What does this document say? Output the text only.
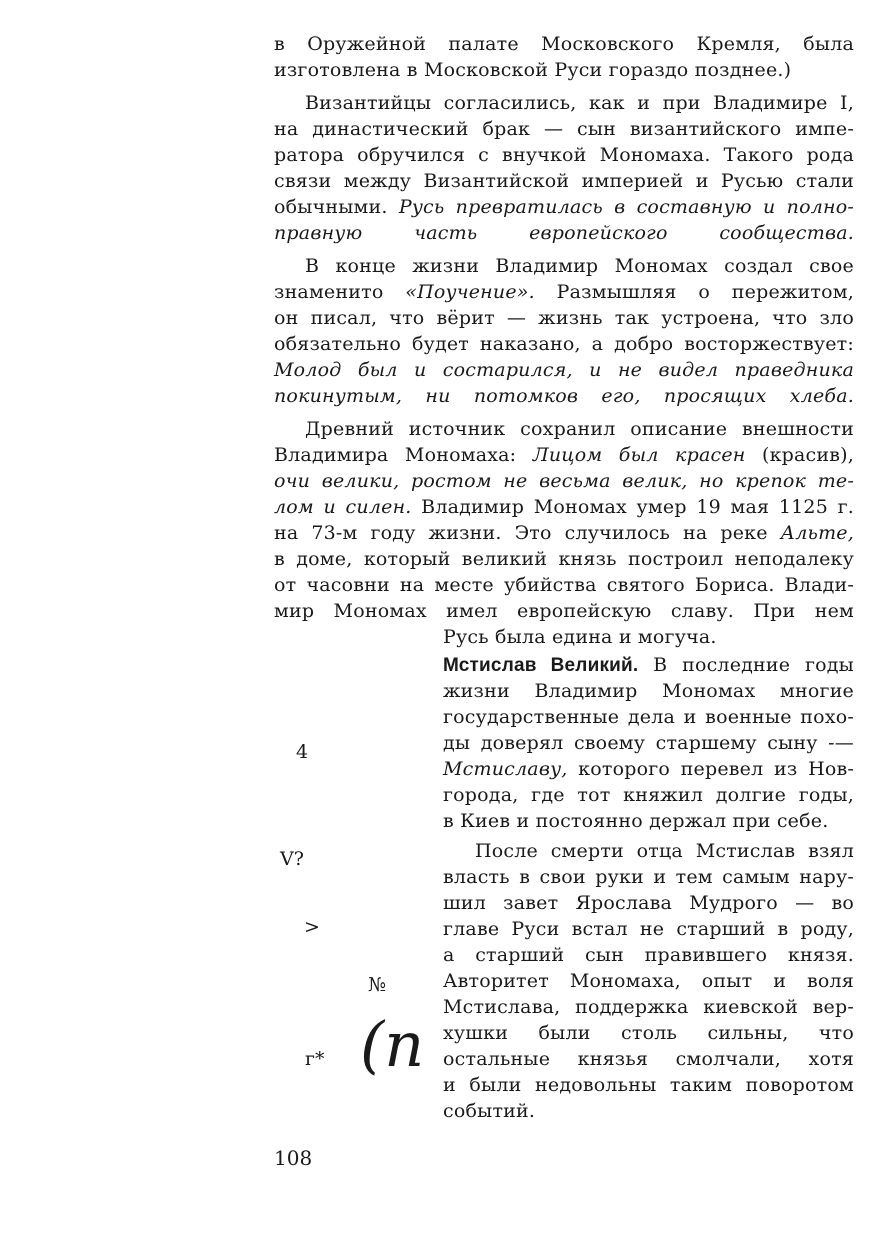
в Оружейной палате Московского Кремля, была
изготовлена в Московской Руси гораздо позднее.)
Византийцы согласились, как и при Владимире I,
на династический брак — сын византийского импе-
ратора обручился с внучкой Мономаха. Такого рода
связи между Византийской империей и Русью стали
обычными. Русь превратилась в составную и полно-
правную часть европейского сообщества.
В конце жизни Владимир Мономах создал свое
знаменито «Поучение». Размышляя о пережитом,
он писал, что вёрит — жизнь так устроена, что зло
обязательно будет наказано, а добро восторжествует:
Молод был и состарился, и не видел праведника
покинутым, ни потомков его, просящих хлеба.
Древний источник сохранил описание внешности
Владимира Мономаха: Лицом был красен (красив),
очи велики, ростом не весьма велик, но крепок те-
лом и силен. Владимир Мономах умер 19 мая 1125 г.
на 73-м году жизни. Это случилось на реке Альте,
в доме, который великий князь построил неподалеку
от часовни на месте убийства святого Бориса. Влади-
мир Мономах имел европейскую славу. При нем
Русь была едина и могуча.
Мстислав Великий. В последние годы
жизни Владимир Мономах многие
государственные дела и военные похо-
ды доверял своему старшему сыну -—
Мстиславу, которого перевел из Нов-
города, где тот княжил долгие годы,
в Киев и постоянно держал при себе.
После смерти отца Мстислав взял
власть в свои руки и тем самым нару-
шил завет Ярослава Мудрого — во
главе Руси встал не старший в роду,
а старший сын правившего князя.
Авторитет Мономаха, опыт и воля
Мстислава, поддержка киевской вер-
хушки были столь сильны, что
остальные князья смолчали, хотя
и были недовольны таким поворотом
событий.
4
V?
>
№
г* (n
108
